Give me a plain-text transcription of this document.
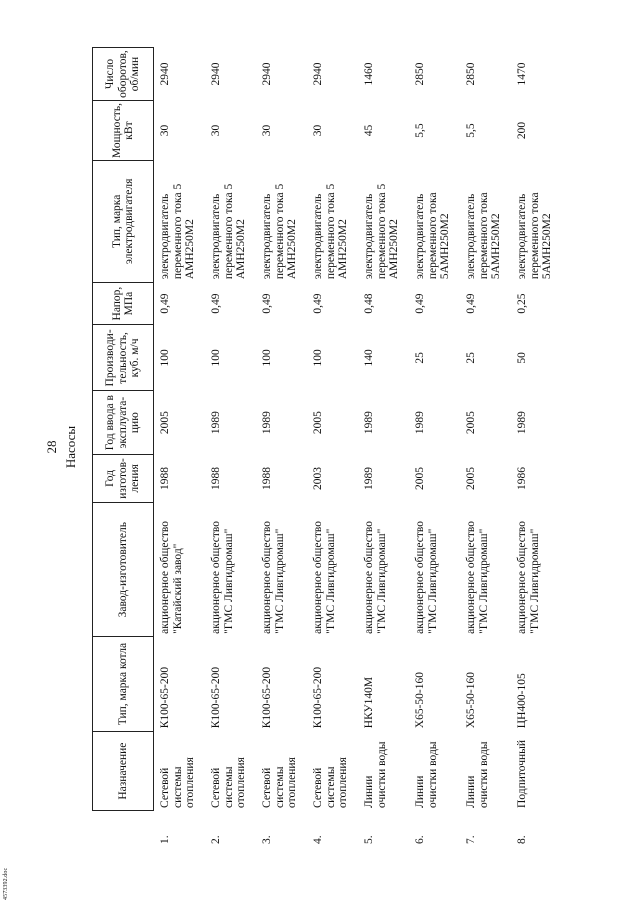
4573392.doc
28 Насосы
	Назначение	Тип, марка котла	Завод-изготовитель	Год изготов-ления	Год ввода в эксплуата-цию	Производи-тельность, куб. м/ч	Напор, МПа	Тип, марка электродвигателя	Мощность, кВт	Число оборотов, об/мин
1.	Сетевой системы отопления	К100-65-200	акционерное общество "Катайский завод"	1988	2005	100	0,49	электродвигатель переменного тока 5 АМН250М2	30	2940
2.	Сетевой системы отопления	К100-65-200	акционерное общество "ГМС Ливгидромаш"	1988	1989	100	0,49	электродвигатель переменного тока 5 АМН250М2	30	2940
3.	Сетевой системы отопления	К100-65-200	акционерное общество "ГМС Ливгидромаш"	1988	1989	100	0,49	электродвигатель переменного тока 5 АМН250М2	30	2940
4.	Сетевой системы отопления	К100-65-200	акционерное общество "ГМС Ливгидромаш"	2003	2005	100	0,49	электродвигатель переменного тока 5 АМН250М2	30	2940
5.	Линии очистки воды	НКУ140М	акционерное общество "ГМС Ливгидромаш"	1989	1989	140	0,48	электродвигатель переменного тока 5 АМН250М2	45	1460
6.	Линии очистки воды	Х65-50-160	акционерное общество "ГМС Ливгидромаш"	2005	1989	25	0,49	электродвигатель переменного тока 5АМН250М2	5,5	2850
7.	Линии очистки воды	Х65-50-160	акционерное общество "ГМС Ливгидромаш"	2005	2005	25	0,49	электродвигатель переменного тока 5АМН250М2	5,5	2850
8.	Подпиточный	ЦН400-105	акционерное общество "ГМС Ливгидромаш"	1986	1989	50	0,25	электродвигатель переменного тока 5АМН250М2	200	1470
